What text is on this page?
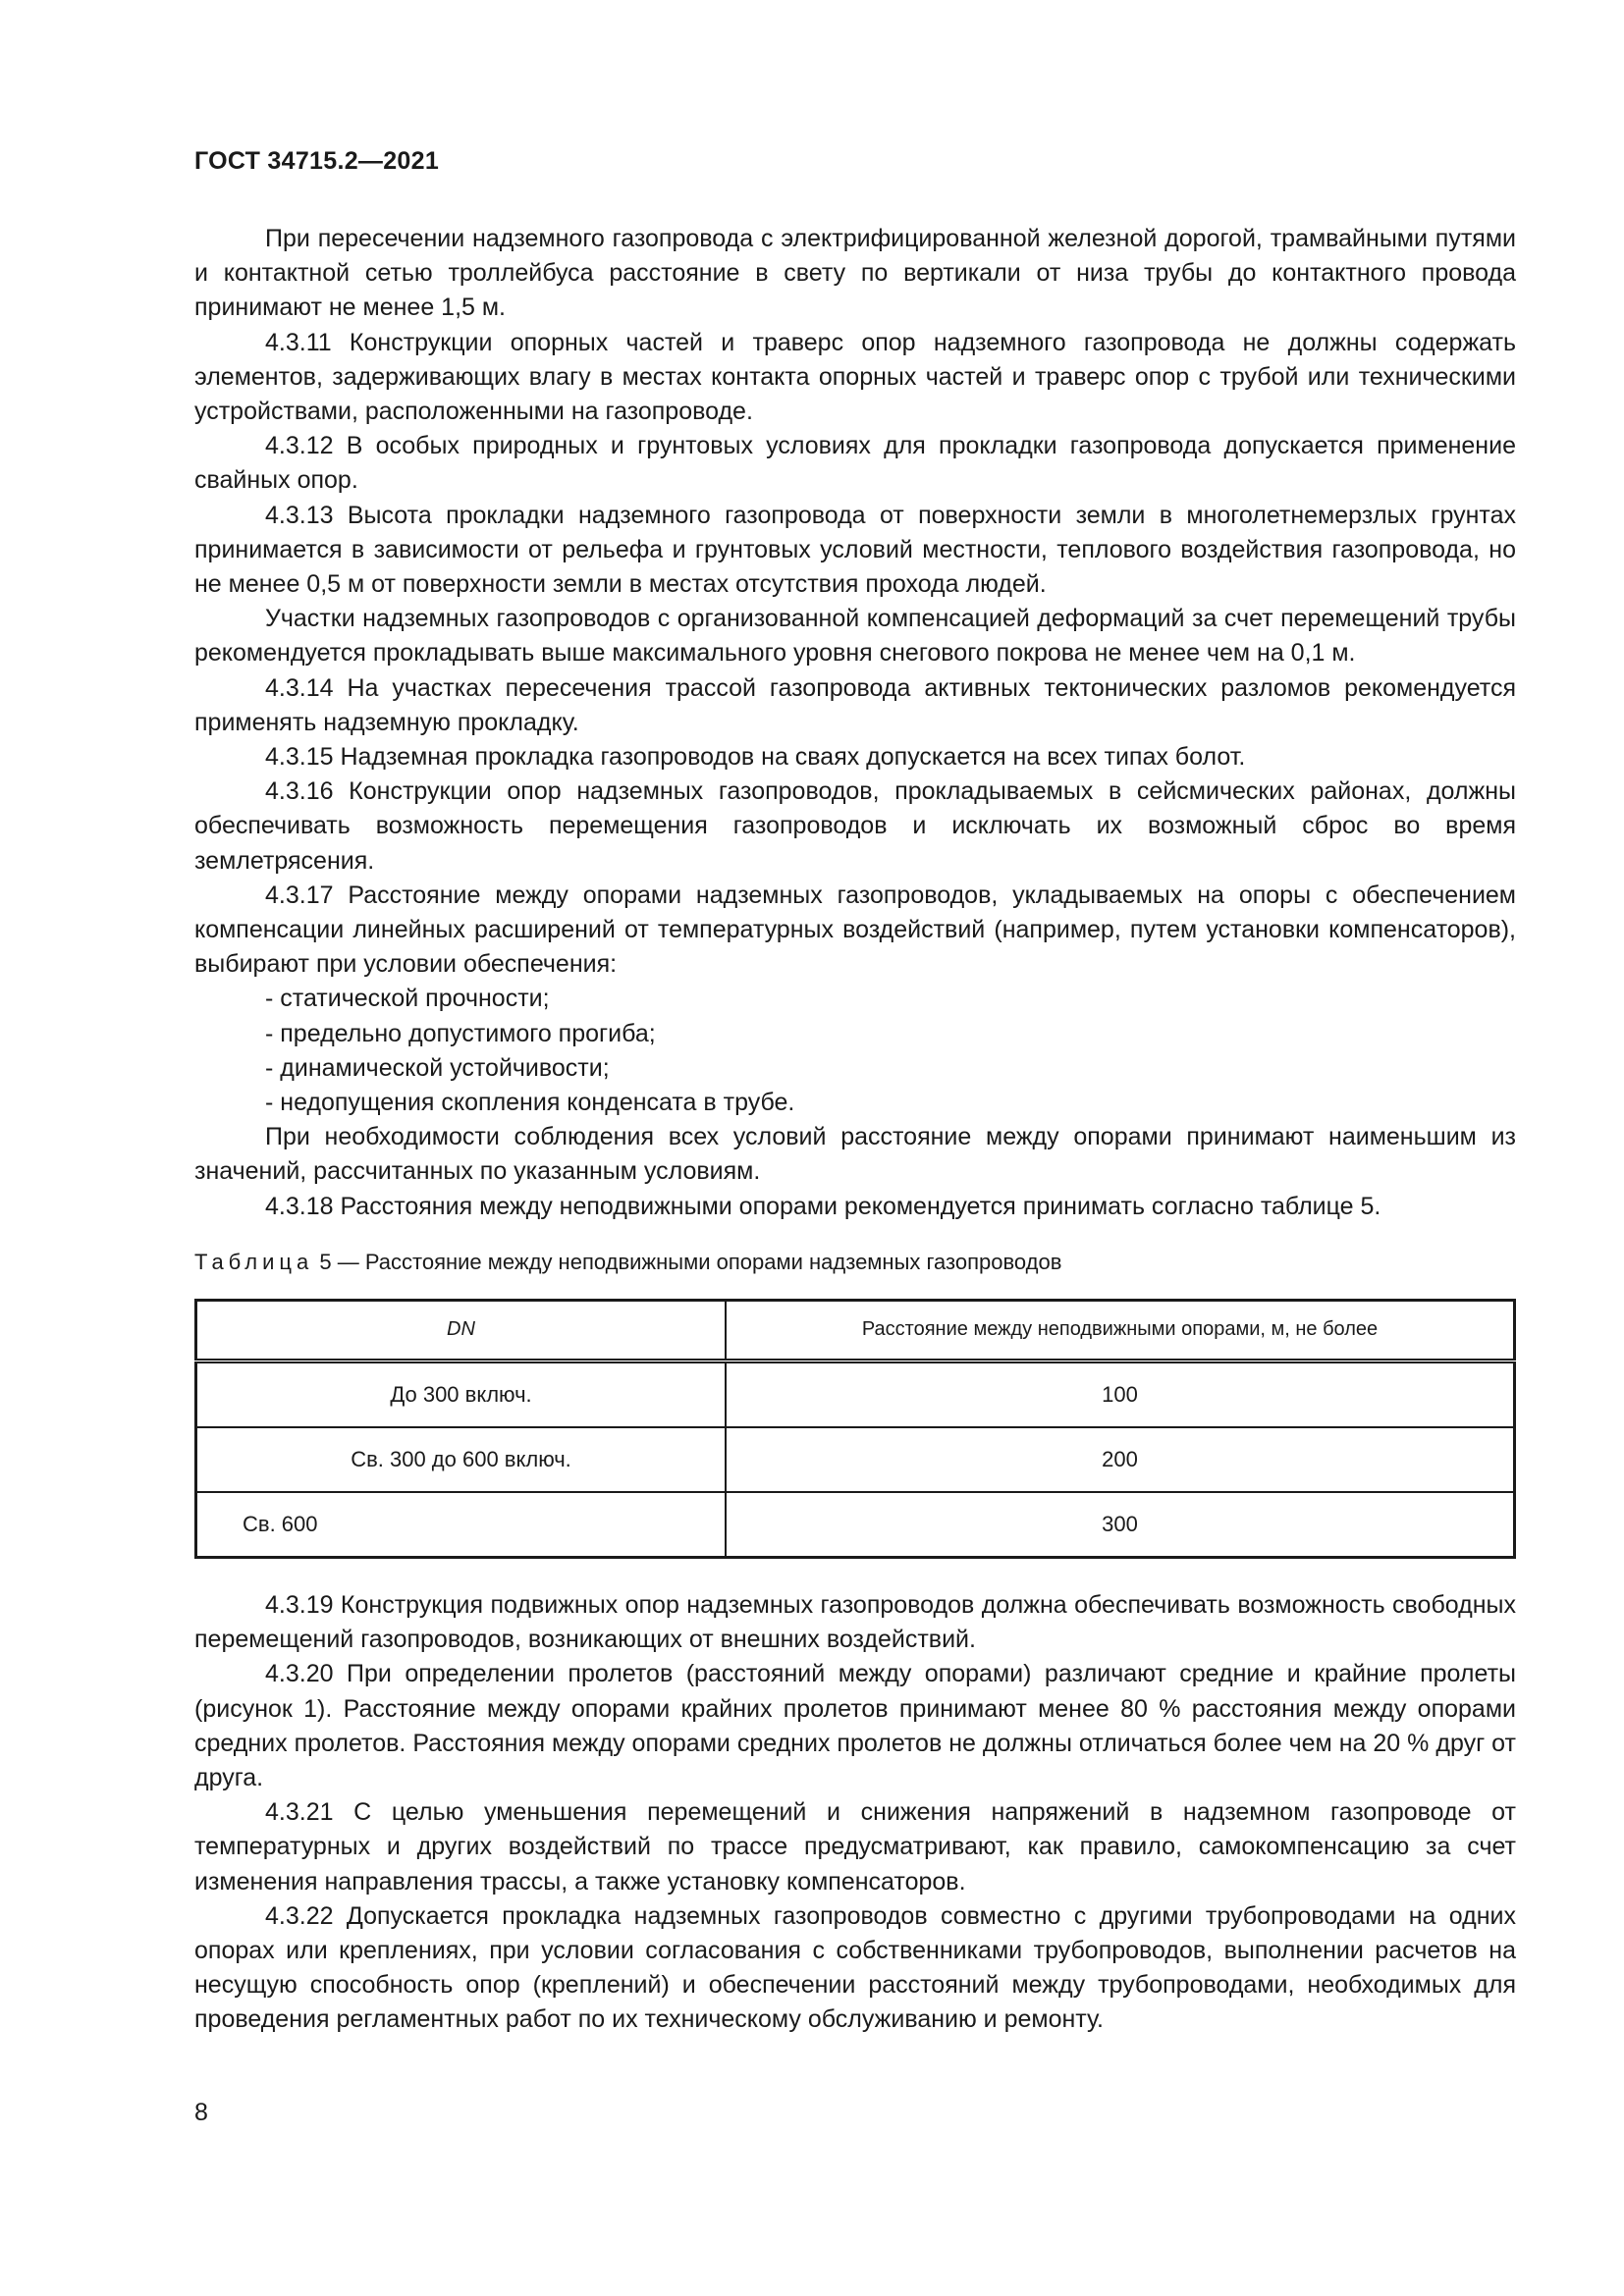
ГОСТ 34715.2—2021

При пересечении надземного газопровода с электрифицированной железной дорогой, трамвайными путями и контактной сетью троллейбуса расстояние в свету по вертикали от низа трубы до контактного провода принимают не менее 1,5 м.

4.3.11 Конструкции опорных частей и траверс опор надземного газопровода не должны содержать элементов, задерживающих влагу в местах контакта опорных частей и траверс опор с трубой или техническими устройствами, расположенными на газопроводе.

4.3.12 В особых природных и грунтовых условиях для прокладки газопровода допускается применение свайных опор.

4.3.13 Высота прокладки надземного газопровода от поверхности земли в многолетнемерзлых грунтах принимается в зависимости от рельефа и грунтовых условий местности, теплового воздействия газопровода, но не менее 0,5 м от поверхности земли в местах отсутствия прохода людей.

Участки надземных газопроводов с организованной компенсацией деформаций за счет перемещений трубы рекомендуется прокладывать выше максимального уровня снегового покрова не менее чем на 0,1 м.

4.3.14 На участках пересечения трассой газопровода активных тектонических разломов рекомендуется применять надземную прокладку.

4.3.15 Надземная прокладка газопроводов на сваях допускается на всех типах болот.

4.3.16 Конструкции опор надземных газопроводов, прокладываемых в сейсмических районах, должны обеспечивать возможность перемещения газопроводов и исключать их возможный сброс во время землетрясения.

4.3.17 Расстояние между опорами надземных газопроводов, укладываемых на опоры с обеспечением компенсации линейных расширений от температурных воздействий (например, путем установки компенсаторов), выбирают при условии обеспечения:

- статической прочности;

- предельно допустимого прогиба;

- динамической устойчивости;

- недопущения скопления конденсата в трубе.

При необходимости соблюдения всех условий расстояние между опорами принимают наименьшим из значений, рассчитанных по указанным условиям.

4.3.18 Расстояния между неподвижными опорами рекомендуется принимать согласно таблице 5.

Таблица 5 — Расстояние между неподвижными опорами надземных газопроводов
DN	Расстояние между неподвижными опорами, м, не более
До 300 включ.	100
Св. 300 до 600 включ.	200
Св. 600	300

4.3.19 Конструкция подвижных опор надземных газопроводов должна обеспечивать возможность свободных перемещений газопроводов, возникающих от внешних воздействий.

4.3.20 При определении пролетов (расстояний между опорами) различают средние и крайние пролеты (рисунок 1). Расстояние между опорами крайних пролетов принимают менее 80 % расстояния между опорами средних пролетов. Расстояния между опорами средних пролетов не должны отличаться более чем на 20 % друг от друга.

4.3.21 С целью уменьшения перемещений и снижения напряжений в надземном газопроводе от температурных и других воздействий по трассе предусматривают, как правило, самокомпенсацию за счет изменения направления трассы, а также установку компенсаторов.

4.3.22 Допускается прокладка надземных газопроводов совместно с другими трубопроводами на одних опорах или креплениях, при условии согласования с собственниками трубопроводов, выполнении расчетов на несущую способность опор (креплений) и обеспечении расстояний между трубопроводами, необходимых для проведения регламентных работ по их техническому обслуживанию и ремонту.

8
